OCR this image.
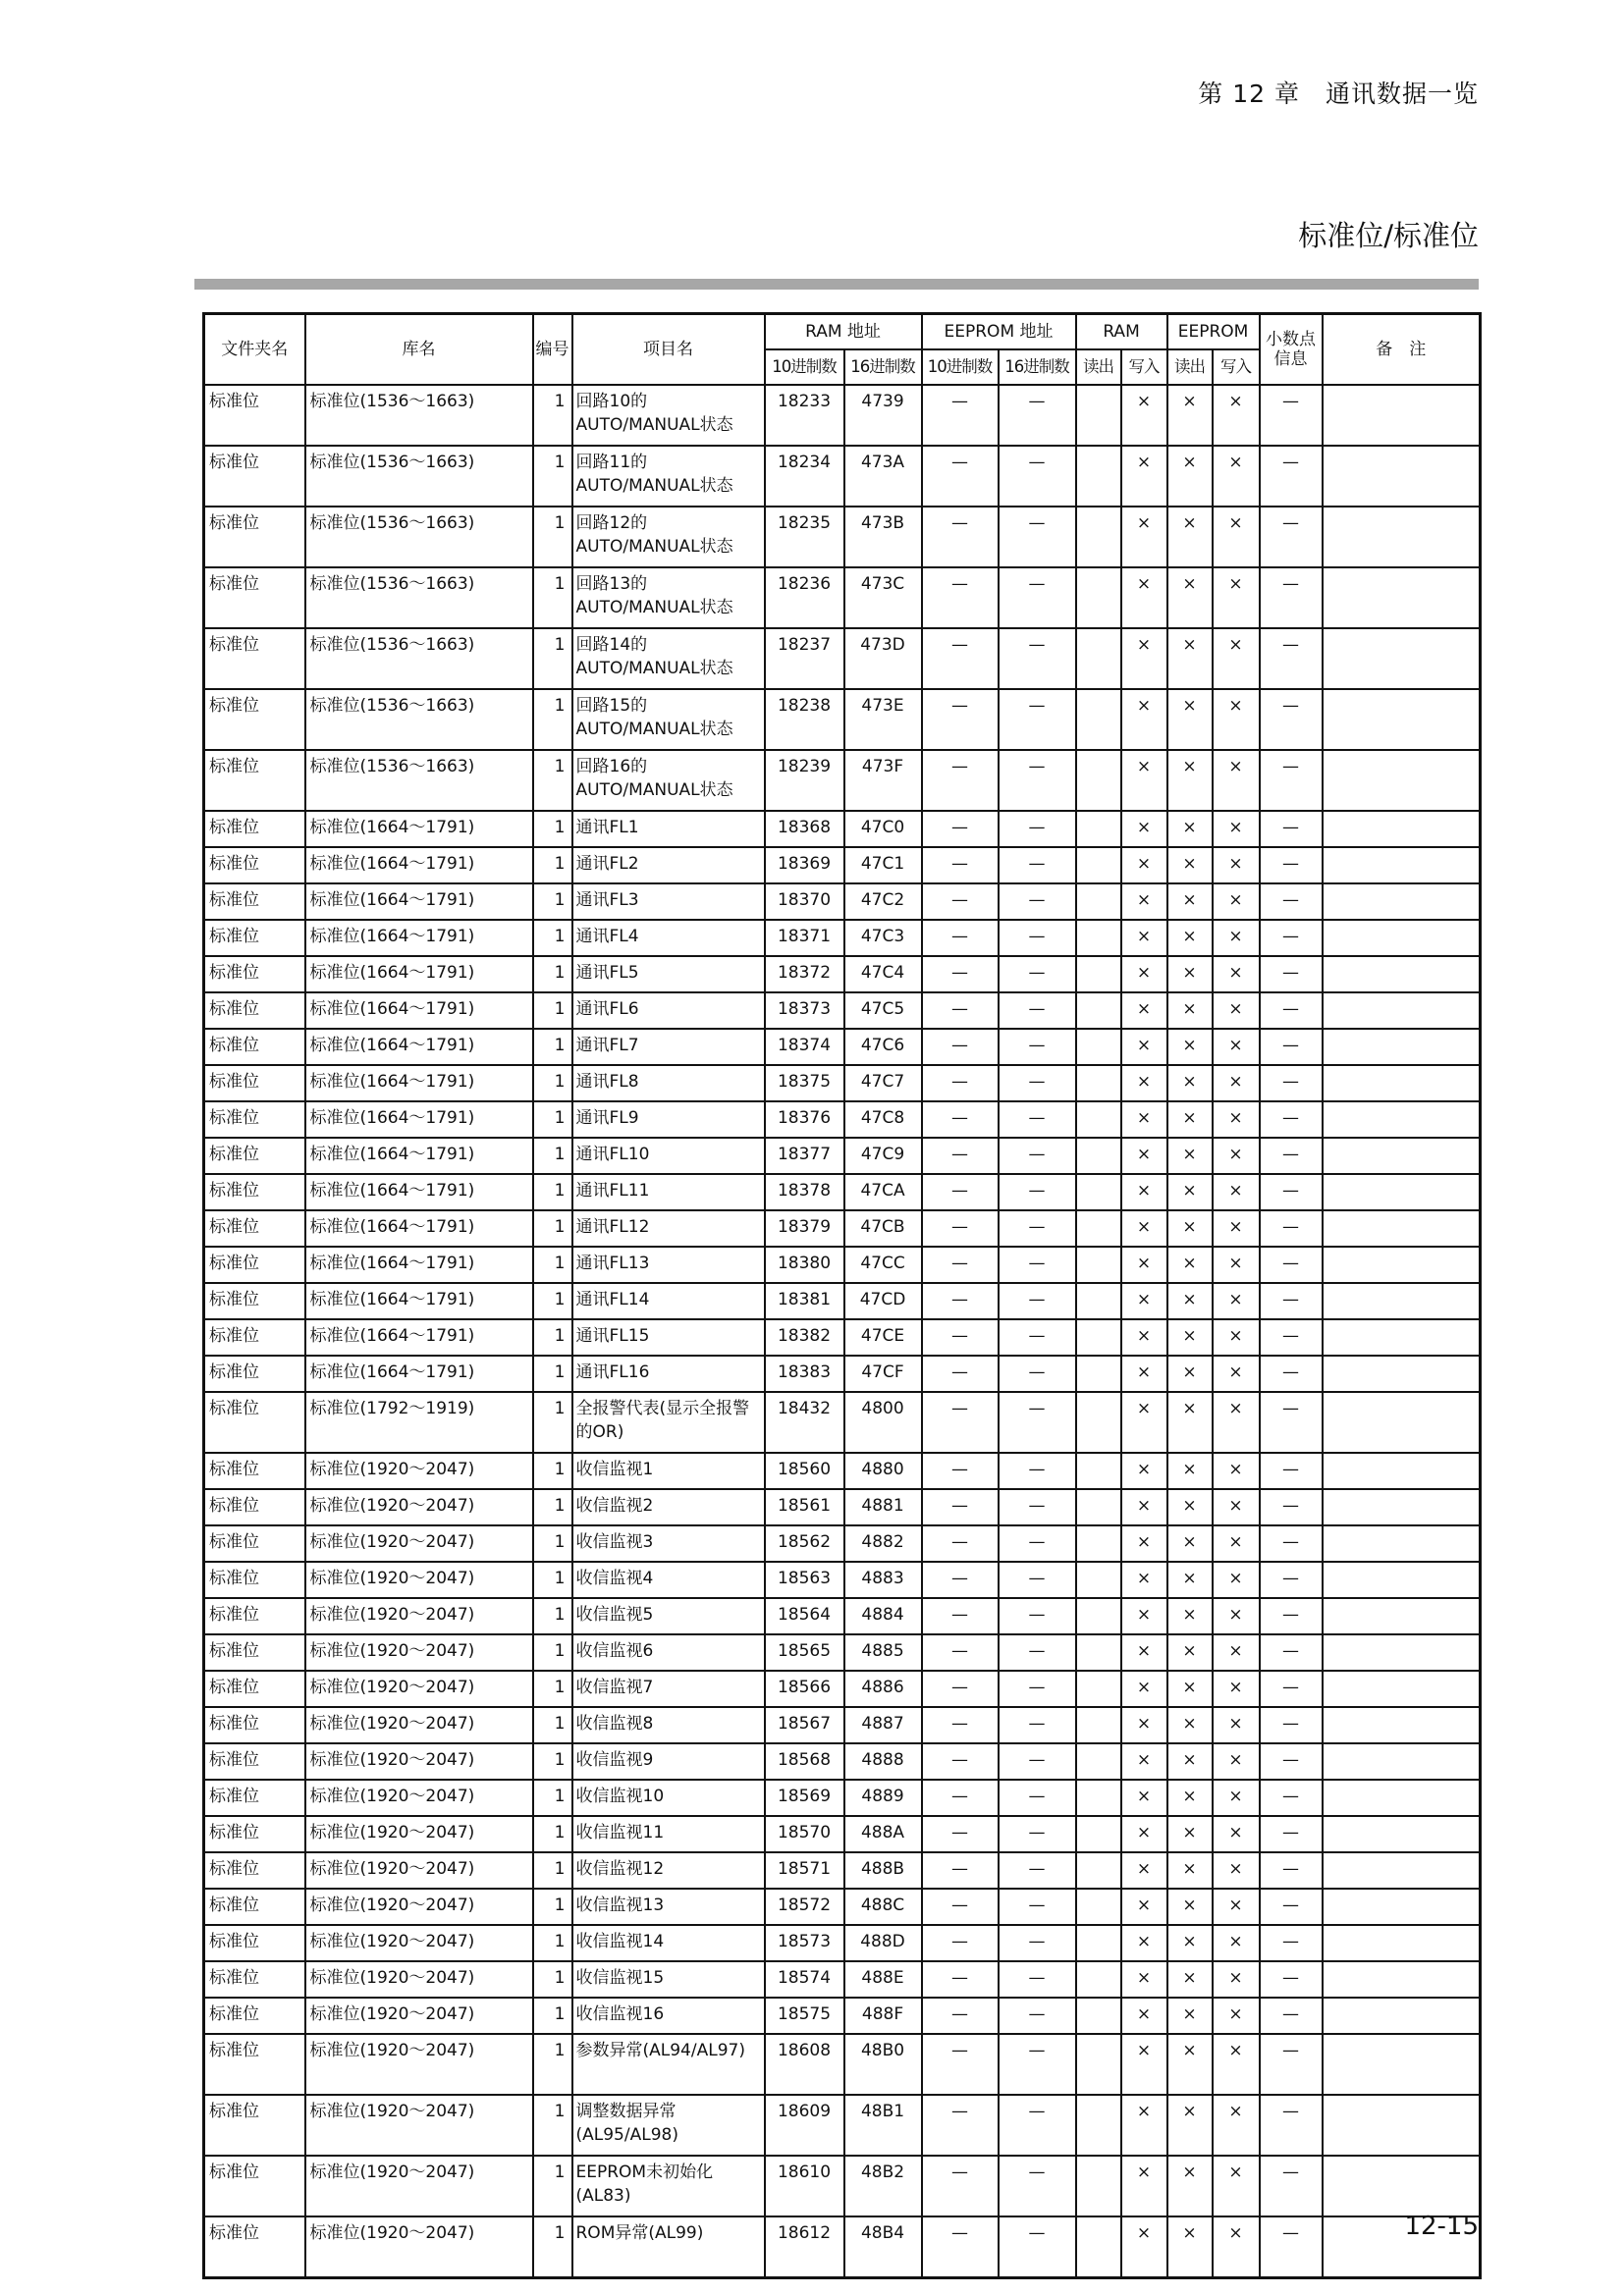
第 12 章　通讯数据一览
标准位/标准位
文件夹名	库名	编号	项目名	RAM 地址		EEPROM 地址		RAM		EEPROM		小数点信息	备　注
				10进制数	16进制数	10进制数	16进制数	读出	写入	读出	写入		
标准位	标准位(1536～1663)	1	回路10的AUTO/MANUAL状态	18233	4739	—	—		×	×	×	—	
标准位	标准位(1536～1663)	1	回路11的AUTO/MANUAL状态	18234	473A	—	—		×	×	×	—	
标准位	标准位(1536～1663)	1	回路12的AUTO/MANUAL状态	18235	473B	—	—		×	×	×	—	
标准位	标准位(1536～1663)	1	回路13的AUTO/MANUAL状态	18236	473C	—	—		×	×	×	—	
标准位	标准位(1536～1663)	1	回路14的AUTO/MANUAL状态	18237	473D	—	—		×	×	×	—	
标准位	标准位(1536～1663)	1	回路15的AUTO/MANUAL状态	18238	473E	—	—		×	×	×	—	
标准位	标准位(1536～1663)	1	回路16的AUTO/MANUAL状态	18239	473F	—	—		×	×	×	—	
标准位	标准位(1664～1791)	1	通讯FL1	18368	47C0	—	—		×	×	×	—	
标准位	标准位(1664～1791)	1	通讯FL2	18369	47C1	—	—		×	×	×	—	
标准位	标准位(1664～1791)	1	通讯FL3	18370	47C2	—	—		×	×	×	—	
标准位	标准位(1664～1791)	1	通讯FL4	18371	47C3	—	—		×	×	×	—	
标准位	标准位(1664～1791)	1	通讯FL5	18372	47C4	—	—		×	×	×	—	
标准位	标准位(1664～1791)	1	通讯FL6	18373	47C5	—	—		×	×	×	—	
标准位	标准位(1664～1791)	1	通讯FL7	18374	47C6	—	—		×	×	×	—	
标准位	标准位(1664～1791)	1	通讯FL8	18375	47C7	—	—		×	×	×	—	
标准位	标准位(1664～1791)	1	通讯FL9	18376	47C8	—	—		×	×	×	—	
标准位	标准位(1664～1791)	1	通讯FL10	18377	47C9	—	—		×	×	×	—	
标准位	标准位(1664～1791)	1	通讯FL11	18378	47CA	—	—		×	×	×	—	
标准位	标准位(1664～1791)	1	通讯FL12	18379	47CB	—	—		×	×	×	—	
标准位	标准位(1664～1791)	1	通讯FL13	18380	47CC	—	—		×	×	×	—	
标准位	标准位(1664～1791)	1	通讯FL14	18381	47CD	—	—		×	×	×	—	
标准位	标准位(1664～1791)	1	通讯FL15	18382	47CE	—	—		×	×	×	—	
标准位	标准位(1664～1791)	1	通讯FL16	18383	47CF	—	—		×	×	×	—	
标准位	标准位(1792～1919)	1	全报警代表(显示全报警的OR)	18432	4800	—	—		×	×	×	—	
标准位	标准位(1920～2047)	1	收信监视1	18560	4880	—	—		×	×	×	—	
标准位	标准位(1920～2047)	1	收信监视2	18561	4881	—	—		×	×	×	—	
标准位	标准位(1920～2047)	1	收信监视3	18562	4882	—	—		×	×	×	—	
标准位	标准位(1920～2047)	1	收信监视4	18563	4883	—	—		×	×	×	—	
标准位	标准位(1920～2047)	1	收信监视5	18564	4884	—	—		×	×	×	—	
标准位	标准位(1920～2047)	1	收信监视6	18565	4885	—	—		×	×	×	—	
标准位	标准位(1920～2047)	1	收信监视7	18566	4886	—	—		×	×	×	—	
标准位	标准位(1920～2047)	1	收信监视8	18567	4887	—	—		×	×	×	—	
标准位	标准位(1920～2047)	1	收信监视9	18568	4888	—	—		×	×	×	—	
标准位	标准位(1920～2047)	1	收信监视10	18569	4889	—	—		×	×	×	—	
标准位	标准位(1920～2047)	1	收信监视11	18570	488A	—	—		×	×	×	—	
标准位	标准位(1920～2047)	1	收信监视12	18571	488B	—	—		×	×	×	—	
标准位	标准位(1920～2047)	1	收信监视13	18572	488C	—	—		×	×	×	—	
标准位	标准位(1920～2047)	1	收信监视14	18573	488D	—	—		×	×	×	—	
标准位	标准位(1920～2047)	1	收信监视15	18574	488E	—	—		×	×	×	—	
标准位	标准位(1920～2047)	1	收信监视16	18575	488F	—	—		×	×	×	—	
标准位	标准位(1920～2047)	1	参数异常(AL94/AL97)	18608	48B0	—	—		×	×	×	—	
标准位	标准位(1920～2047)	1	调整数据异常(AL95/AL98)	18609	48B1	—	—		×	×	×	—	
标准位	标准位(1920～2047)	1	EEPROM未初始化(AL83)	18610	48B2	—	—		×	×	×	—	
标准位	标准位(1920～2047)	1	ROM异常(AL99)	18612	48B4	—	—		×	×	×	—		12-15
